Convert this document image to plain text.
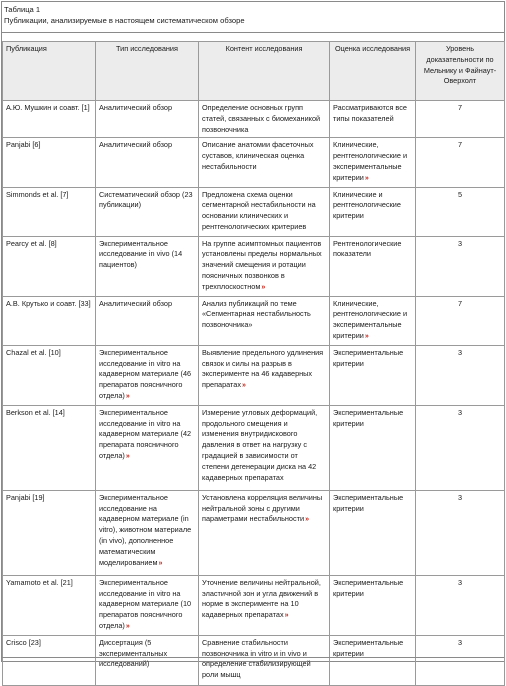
Таблица 1
Публикации, анализируемые в настоящем систематическом обзоре
Публикация	Тип исследования	Контент исследования	Оценка исследования	Уровень доказательности по Мельнику и Файнаут-Оверхолт
А.Ю. Мушкин и соавт. [1]	Аналитический обзор	Определение основных групп статей, связанных с биомеханикой позвоночника	Рассматриваются все типы показателей	7
Panjabi [6]	Аналитический обзор	Описание анатомии фасеточных суставов, клиническая оценка нестабильности	Клинические, рентгенологические и экспериментальные критерии»	7
Simmonds et al. [7]	Систематический обзор (23 публикации)	Предложена схема оценки сегментарной нестабильности на основании клинических и рентгенологических критериев	Клинические и рентгенологические критерии	5
Pearcy et al. [8]	Экспериментальное исследование in vivo (14 пациентов)	На группе асимптомных пациентов установлены пределы нормальных значений смещения и ротации поясничных позвонков в трехплоскостном»	Рентгенологические показатели	3
А.В. Крутько и соавт. [33]	Аналитический обзор	Анализ публикаций по теме «Сегментарная нестабильность позвоночника»	Клинические, рентгенологические и экспериментальные критерии»	7
Chazal et al. [10]	Экспериментальное исследование in vitro на кадаверном материале (46 препаратов поясничного отдела)»	Выявление предельного удлинения связок и силы на разрыв в эксперименте на 46 кадаверных препаратах»	Экспериментальные критерии	3
Berkson et al. [14]	Экспериментальное исследование in vitro на кадаверном материале (42 препарата поясничного отдела)»	Измерение угловых деформаций, продольного смещения и изменения внутридискового давления в ответ на нагрузку с градацией в зависимости от степени дегенерации диска на 42 кадаверных препаратах	Экспериментальные критерии	3
Panjabi [19]	Экспериментальное исследование на кадаверном материале (in vitro), животном материале (in vivo), дополненное математическим моделированием»	Установлена корреляция величины нейтральной зоны с другими параметрами нестабильности»	Экспериментальные критерии	3
Yamamoto et al. [21]	Экспериментальное исследование in vitro на кадаверном материале (10 препаратов поясничного отдела)»	Уточнение величины нейтральной, эластичной зон и угла движений в норме в эксперименте на 10 кадаверных препаратах»	Экспериментальные критерии	3
Crisco [23]	Диссертация (5 экспериментальных исследований)	Сравнение стабильности позвоночника in vitro и in vivo и определение стабилизирующей роли мышц	Экспериментальные критерии	3
